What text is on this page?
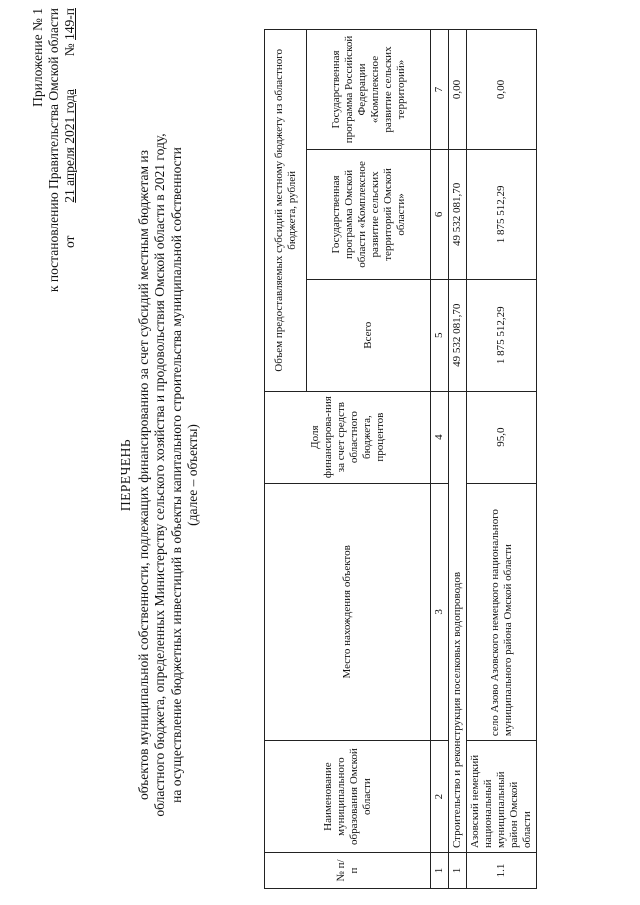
Приложение № 1 к постановлению Правительства Омской области от  21 апреля 2021 года  № 149-п
ПЕРЕЧЕНЬ объектов муниципальной собственности, подлежащих финансированию за счет субсидий местным бюджетам из областного бюджета, определенных Министерству сельского хозяйства и продовольствия Омской области в 2021 году, на осуществление бюджетных инвестиций в объекты капитального строительства муниципальной собственности (далее – объекты)
№ п/п	Наименование муниципального образования Омской области	Место нахождения объектов	Доля финансирова-ния за счет средств областного бюджета, процентов	Объем предоставляемых субсидий местному бюджету из областного бюджета, рублей		
				Всего	Государственная программа Омской области «Комплексное развитие сельских территорий Омской области»	Государственная программа Российской Федерации «Комплексное развитие сельских территорий»
1	2	3	4	5	6	7
1	Строительство и реконструкция поселковых водопроводов			49 532 081,70	49 532 081,70	0,00
1.1	Азовский немецкий национальный муниципальный район Омской области	село Азово Азовского немецкого национального муниципального района Омской области	95,0	1 875 512,29	1 875 512,29	0,00
